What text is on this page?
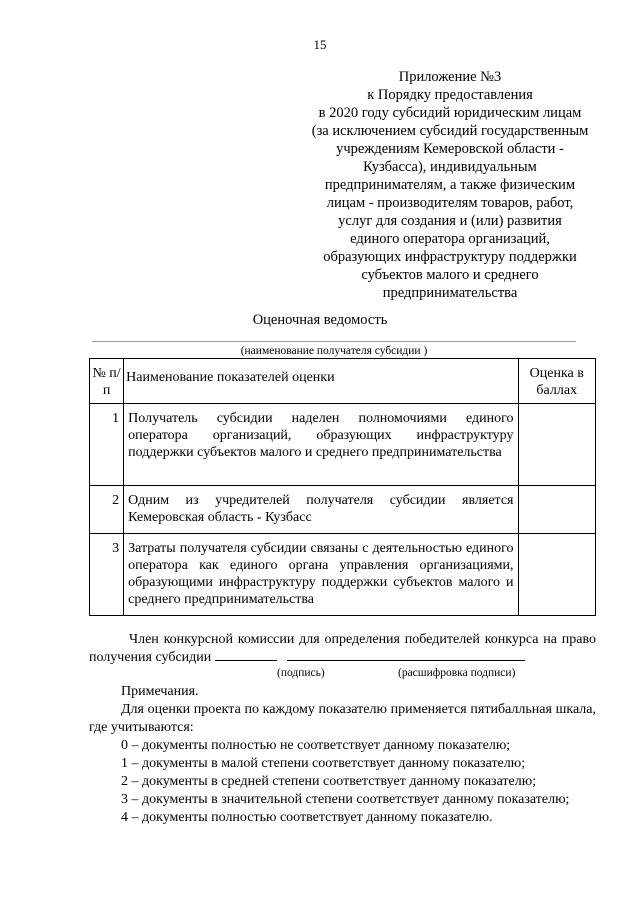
15
Приложение №3
к Порядку предоставления
в 2020 году субсидий юридическим лицам
(за исключением субсидий государственным
учреждениям Кемеровской области -
Кузбасса), индивидуальным
предпринимателям, а также физическим
лицам - производителям товаров, работ,
услуг для создания и (или) развития
единого оператора организаций,
образующих инфраструктуру поддержки
субъектов малого и среднего
предпринимательства
Оценочная ведомость
(наименование получателя субсидии )
№ п/п	Наименование показателей оценки	Оценка в баллах
1	Получатель субсидии наделен полномочиями единого оператора организаций, образующих инфраструктуру поддержки субъектов малого и среднего предпринимательства	
2	Одним из учредителей получателя субсидии является Кемеровская область - Кузбасс	
3	Затраты получателя субсидии связаны с деятельностью единого оператора как единого органа управления организациями, образующими инфраструктуру поддержки субъектов малого и среднего предпринимательства	
Член конкурсной комиссии для определения победителей конкурса на право получения субсидии
(подпись)	(расшифровка подписи)

Примечания.

Для оценки проекта по каждому показателю применяется пятибалльная шкала, где учитываются:

0 – документы полностью не соответствует данному показателю;

1 – документы в малой степени соответствует данному показателю;

2 – документы в средней степени соответствует данному показателю;

3 – документы в значительной степени соответствует данному показателю;

4 – документы полностью соответствует данному показателю.
